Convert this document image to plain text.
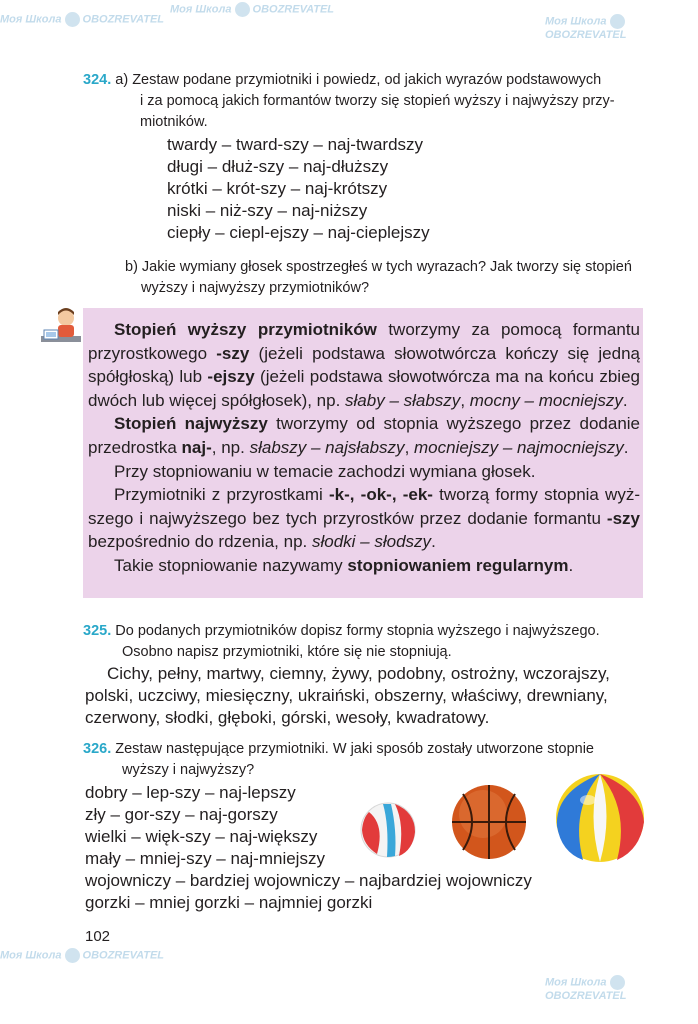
Моя Школа OBOZREVATEL
Моя Школа OBOZREVATEL	Моя Школа OBOZREVATEL
Моя Школа OBOZREVATEL
Моя Школа OBOZREVATEL
324. a) Zestaw podane przymiotniki i powiedz, od jakich wyrazów podstawowych
i za pomocą jakich formantów tworzy się stopień wyższy i najwyższy przy-
miotników.
twardy – tward-szy – naj-twardszy
długi – dłuż-szy – naj-dłuższy
krótki – krót-szy – naj-krótszy
niski – niż-szy – naj-niższy
ciepły – ciepl-ejszy – naj-cieplejszy
b) Jakie wymiany głosek spostrzegłeś w tych wyrazach? Jak tworzy się stopień
wyższy i najwyższy przymiotników?

Stopień wyższy przymiotników tworzymy za pomocą formantu przyrostkowego -szy (jeżeli podstawa słowotwórcza kończy się jedną spółgłoską) lub -ejszy (jeżeli podstawa słowotwórcza ma na końcu zbieg dwóch lub więcej spółgłosek), np. słaby – słabszy, mocny – mocniejszy.

Stopień najwyższy tworzymy od stopnia wyższego przez dodanie przedrostka naj-, np. słabszy – najsłabszy, mocniejszy – najmocniejszy.

Przy stopniowaniu w temacie zachodzi wymiana głosek.

Przymiotniki z przyrostkami -k-, -ok-, -ek- tworzą formy stopnia wyższego i najwyższego bez tych przyrostków przez dodanie formantu -szy bezpośrednio do rdzenia, np. słodki – słodszy.

Takie stopniowanie nazywamy stopniowaniem regularnym.

325. Do podanych przymiotników dopisz formy stopnia wyższego i najwyższego.
Osobno napisz przymiotniki, które się nie stopniują.
Cichy, pełny, martwy, ciemny, żywy, podobny, ostrożny, wczorajszy,
polski, uczciwy, miesięczny, ukraiński, obszerny, właściwy, drewniany,
czerwony, słodki, głęboki, górski, wesoły, kwadratowy.
326. Zestaw następujące przymiotniki. W jaki sposób zostały utworzone stopnie
wyższy i najwyższy?
dobry – lep-szy – naj-lepszy
zły – gor-szy – naj-gorszy
wielki – więk-szy – naj-większy
mały – mniej-szy – naj-mniejszy
wojowniczy – bardziej wojowniczy – najbardziej wojowniczy
gorzki – mniej gorzki – najmniej gorzki
102
